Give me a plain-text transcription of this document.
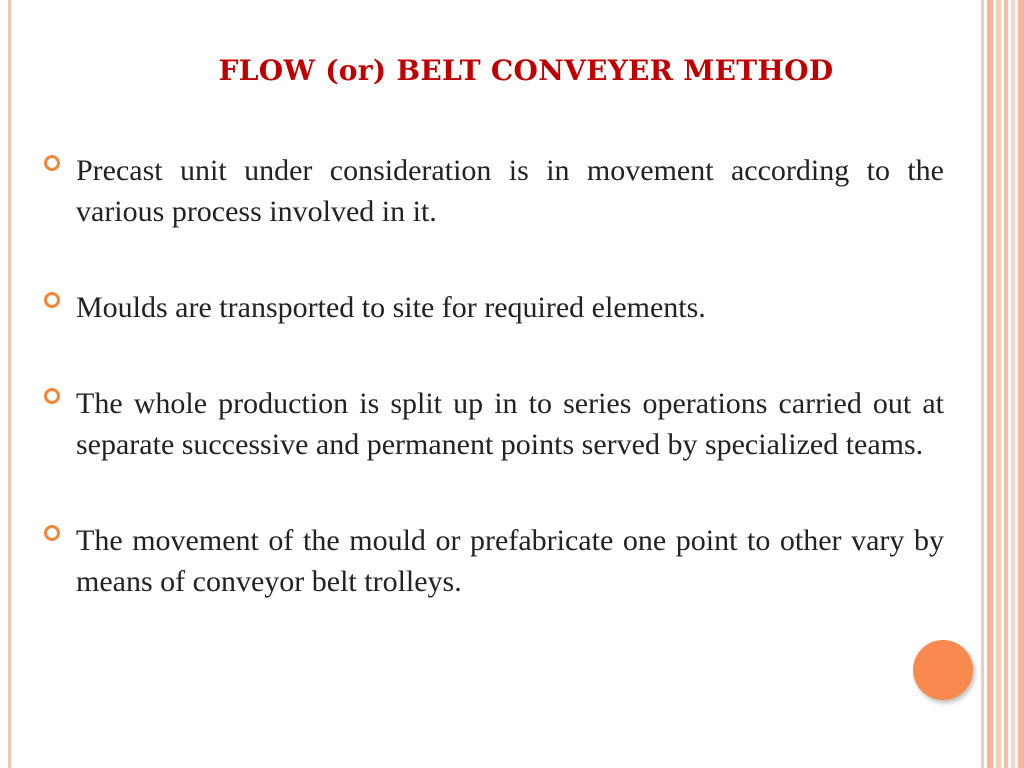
FLOW (or) BELT CONVEYER METHOD
Precast unit under consideration is in movement according to the various process involved in it.
Moulds are transported to site for required elements.
The whole production is split up in to series operations carried out at separate successive and permanent points served by specialized teams.
The movement of the mould or prefabricate one point to other vary by means of conveyor belt trolleys.
